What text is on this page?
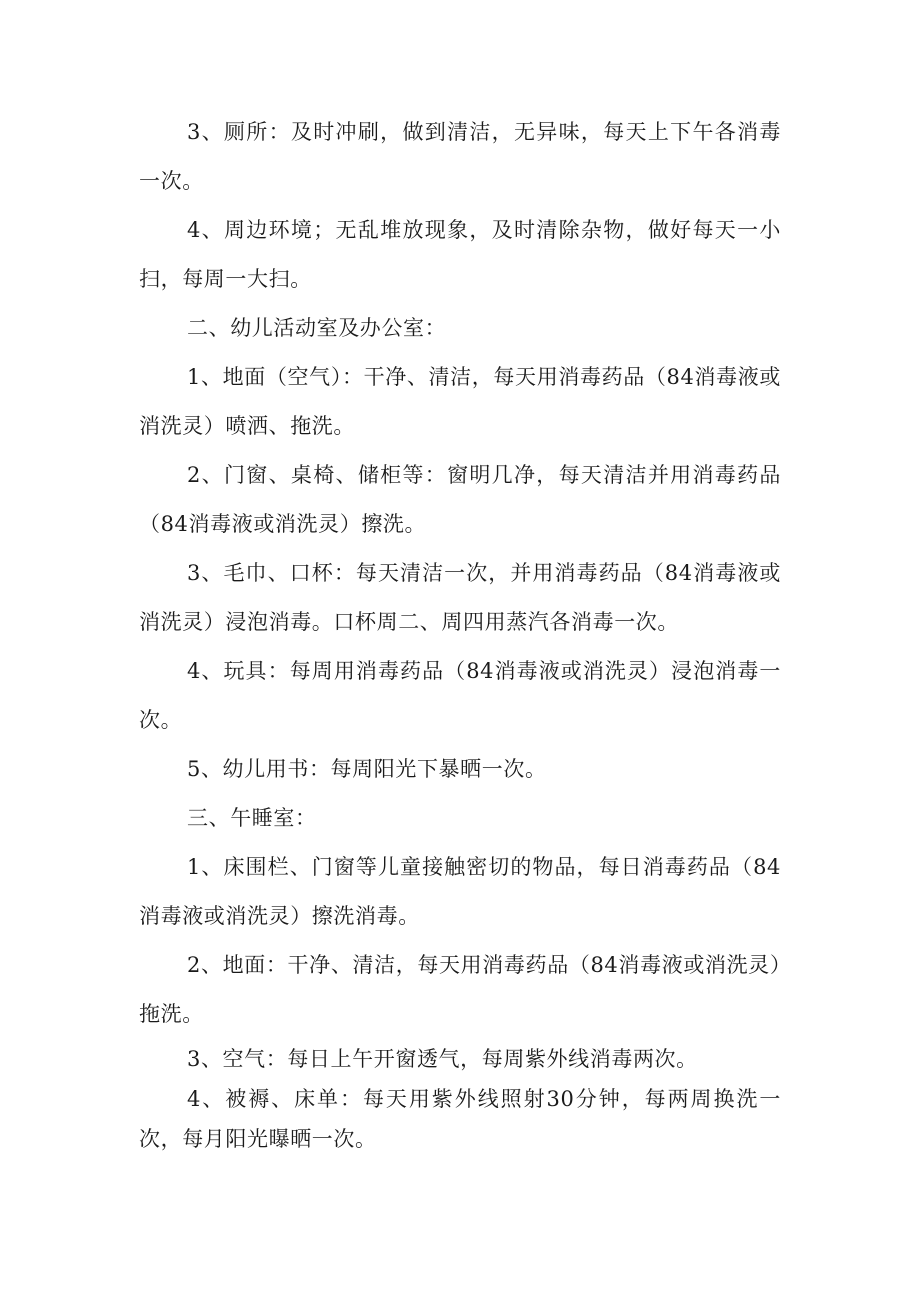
3、厕所：及时冲刷，做到清洁，无异味，每天上下午各消毒一次。

4、周边环境；无乱堆放现象，及时清除杂物，做好每天一小扫，每周一大扫。

二、幼儿活动室及办公室：

1、地面（空气）：干净、清洁，每天用消毒药品（84消毒液或消洗灵）喷洒、拖洗。

2、门窗、桌椅、储柜等：窗明几净，每天清洁并用消毒药品（84消毒液或消洗灵）擦洗。

3、毛巾、口杯：每天清洁一次，并用消毒药品（84消毒液或消洗灵）浸泡消毒。口杯周二、周四用蒸汽各消毒一次。

4、玩具：每周用消毒药品（84消毒液或消洗灵）浸泡消毒一次。

5、幼儿用书：每周阳光下暴晒一次。

三、午睡室：

1、床围栏、门窗等儿童接触密切的物品，每日消毒药品（84消毒液或消洗灵）擦洗消毒。

2、地面：干净、清洁，每天用消毒药品（84消毒液或消洗灵）拖洗。

3、空气：每日上午开窗透气，每周紫外线消毒两次。

4、被褥、床单：每天用紫外线照射30分钟，每两周换洗一次，每月阳光曝晒一次。
